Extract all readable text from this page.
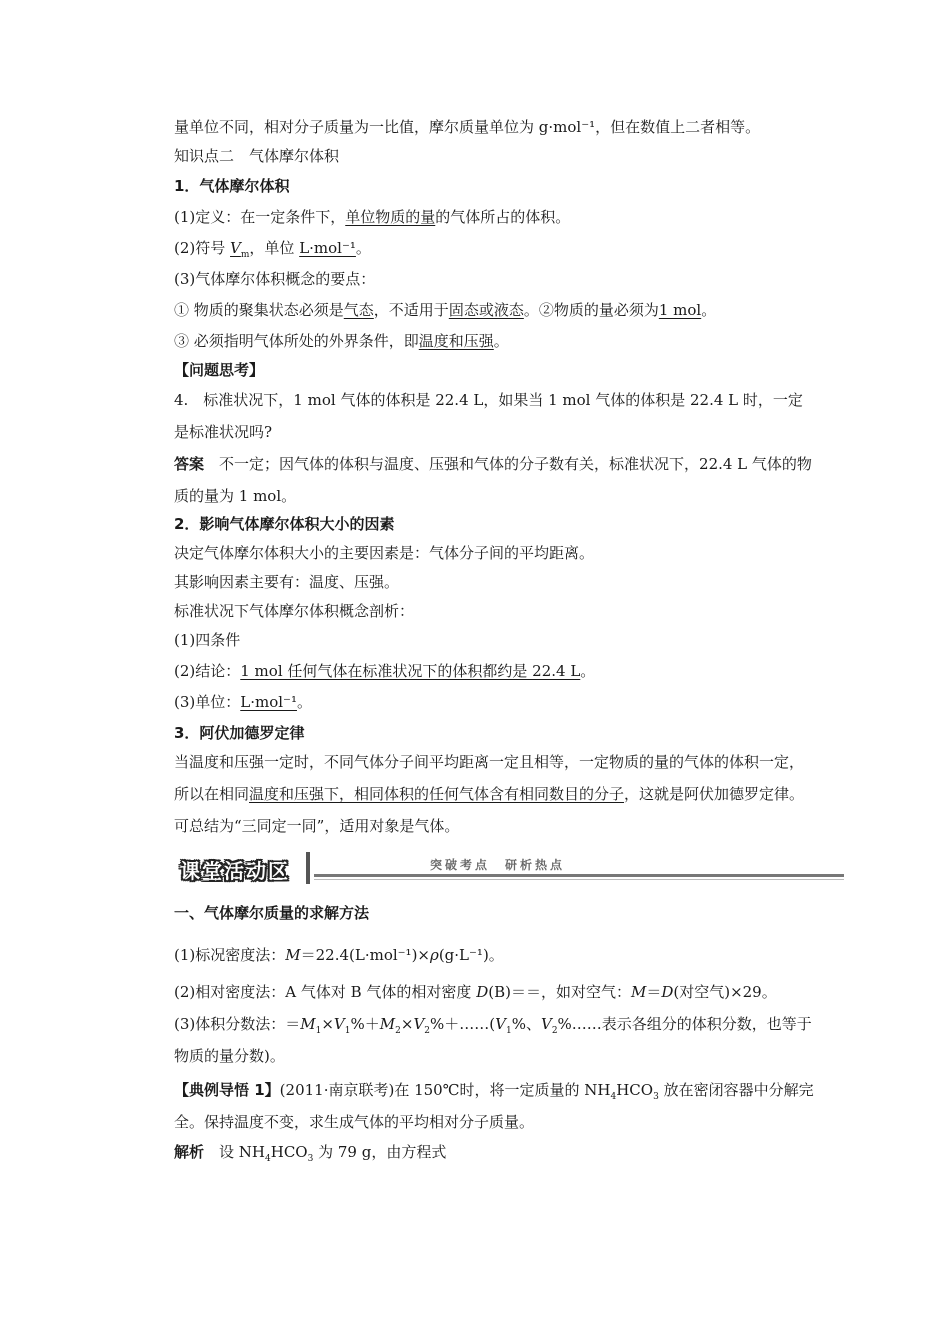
量单位不同，相对分子质量为一比值，摩尔质量单位为 g·mol⁻¹，但在数值上二者相等。
知识点二　气体摩尔体积
1．气体摩尔体积
(1)定义：在一定条件下，单位物质的量的气体所占的体积。
(2)符号 $V_m$，单位 L·mol⁻¹。
(3)气体摩尔体积概念的要点：
① 物质的聚集状态必须是气态，不适用于固态或液态。②物质的量必须为1 mol。
③ 必须指明气体所处的外界条件，即温度和压强。
【问题思考】
4.　标准状况下，1 mol 气体的体积是 22.4 L，如果当 1 mol 气体的体积是 22.4 L 时，一定是标准状况吗?
答案　不一定；因气体的体积与温度、压强和气体的分子数有关，标准状况下，22.4 L 气体的物质的量为 1 mol。
2．影响气体摩尔体积大小的因素
决定气体摩尔体积大小的主要因素是：气体分子间的平均距离。
其影响因素主要有：温度、压强。
标准状况下气体摩尔体积概念剖析：
(1)四条件
(2)结论：1 mol 任何气体在标准状况下的体积都约是 22.4 L。
(3)单位：L·mol⁻¹。
3．阿伏加德罗定律
当温度和压强一定时，不同气体分子间平均距离一定且相等，一定物质的量的气体的体积一定，所以在相同温度和压强下，相同体积的任何气体含有相同数目的分子，这就是阿伏加德罗定律。可总结为“三同定一同”，适用对象是气体。
课堂活动区	突破考点　研析热点
一、气体摩尔质量的求解方法
(1)标况密度法：M＝22.4(L·mol⁻¹)×ρ(g·L⁻¹)。
(2)相对密度法：A 气体对 B 气体的相对密度 D(B)＝＝，如对空气：M＝D(对空气)×29。
(3)体积分数法：$=M_1\times V_1\%+M_2\times V_2\%+\dots\dots(V_1\%$、$V_2\%\dots\dots$表示各组分的体积分数，也等于物质的量分数)。
【典例导悟 1】(2011·南京联考)在 150℃时，将一定质量的 $NH_4HCO_3$ 放在密闭容器中分解完全。保持温度不变，求生成气体的平均相对分子质量。
解析　设 $NH_4HCO_3$ 为 79 g，由方程式
